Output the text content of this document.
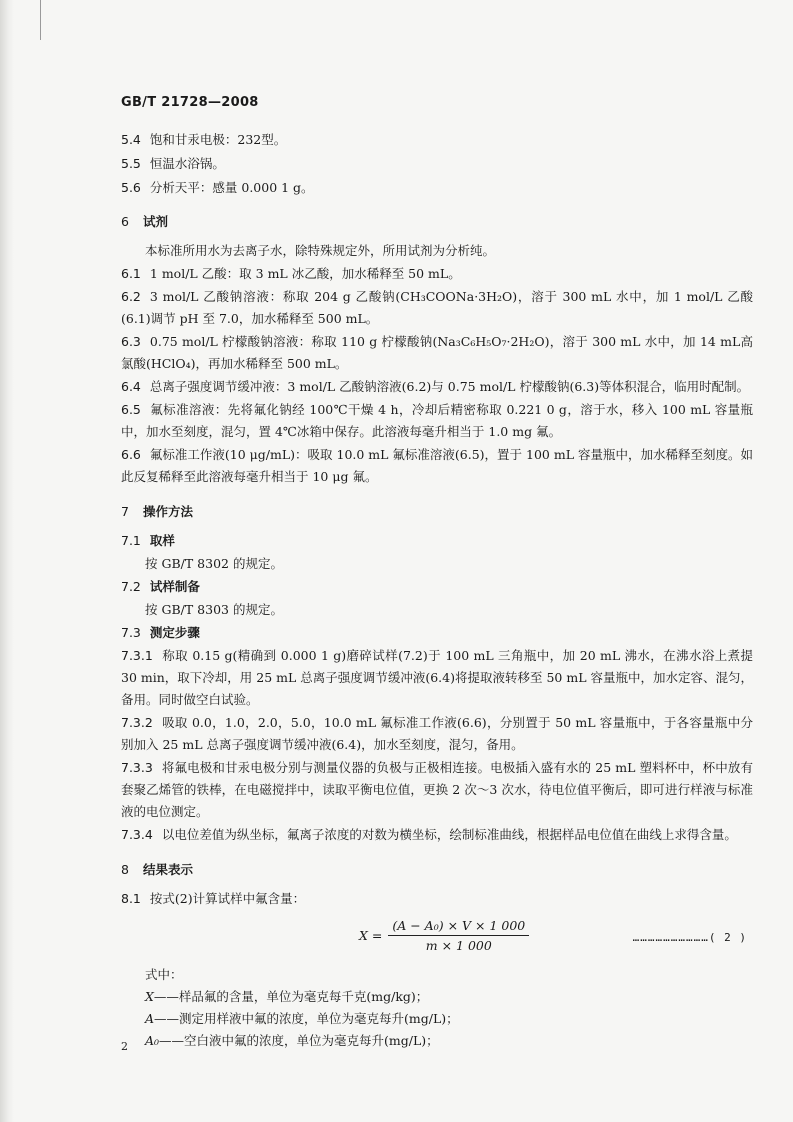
GB/T 21728—2008
5.4 饱和甘汞电极：232型。
5.5 恒温水浴锅。
5.6 分析天平：感量 0.000 1 g。
6 试剂
本标准所用水为去离子水，除特殊规定外，所用试剂为分析纯。
6.1 1 mol/L 乙酸：取 3 mL 冰乙酸，加水稀释至 50 mL。
6.2 3 mol/L 乙酸钠溶液：称取 204 g 乙酸钠(CH₃COONa·3H₂O)，溶于 300 mL 水中，加 1 mol/L 乙酸(6.1)调节 pH 至 7.0，加水稀释至 500 mL。
6.3 0.75 mol/L 柠檬酸钠溶液：称取 110 g 柠檬酸钠(Na₃C₆H₅O₇·2H₂O)，溶于 300 mL 水中，加 14 mL高氯酸(HClO₄)，再加水稀释至 500 mL。
6.4 总离子强度调节缓冲液：3 mol/L 乙酸钠溶液(6.2)与 0.75 mol/L 柠檬酸钠(6.3)等体积混合，临用时配制。
6.5 氟标准溶液：先将氟化钠经 100℃干燥 4 h，冷却后精密称取 0.221 0 g，溶于水，移入 100 mL 容量瓶中，加水至刻度，混匀，置 4℃冰箱中保存。此溶液每毫升相当于 1.0 mg 氟。
6.6 氟标准工作液(10 μg/mL)：吸取 10.0 mL 氟标准溶液(6.5)，置于 100 mL 容量瓶中，加水稀释至刻度。如此反复稀释至此溶液每毫升相当于 10 μg 氟。
7 操作方法
7.1 取样
按 GB/T 8302 的规定。
7.2 试样制备
按 GB/T 8303 的规定。
7.3 测定步骤
7.3.1 称取 0.15 g(精确到 0.000 1 g)磨碎试样(7.2)于 100 mL 三角瓶中，加 20 mL 沸水，在沸水浴上煮提 30 min，取下冷却，用 25 mL 总离子强度调节缓冲液(6.4)将提取液转移至 50 mL 容量瓶中，加水定容、混匀，备用。同时做空白试验。
7.3.2 吸取 0.0，1.0，2.0，5.0，10.0 mL 氟标准工作液(6.6)，分别置于 50 mL 容量瓶中，于各容量瓶中分别加入 25 mL 总离子强度调节缓冲液(6.4)，加水至刻度，混匀，备用。
7.3.3 将氟电极和甘汞电极分别与测量仪器的负极与正极相连接。电极插入盛有水的 25 mL 塑料杯中，杯中放有套聚乙烯管的铁棒，在电磁搅拌中，读取平衡电位值，更换 2 次～3 次水，待电位值平衡后，即可进行样液与标准液的电位测定。
7.3.4 以电位差值为纵坐标，氟离子浓度的对数为横坐标，绘制标准曲线，根据样品电位值在曲线上求得含量。
8 结果表示
8.1 按式(2)计算试样中氟含量：
$X = \frac{\text{(A − A₀) × V × 1 000}}{m \times 1 000}$	…………………………( 2 )
式中：
X——样品氟的含量，单位为毫克每千克(mg/kg)；
A——测定用样液中氟的浓度，单位为毫克每升(mg/L)；
A₀——空白液中氟的浓度，单位为毫克每升(mg/L)；
2
